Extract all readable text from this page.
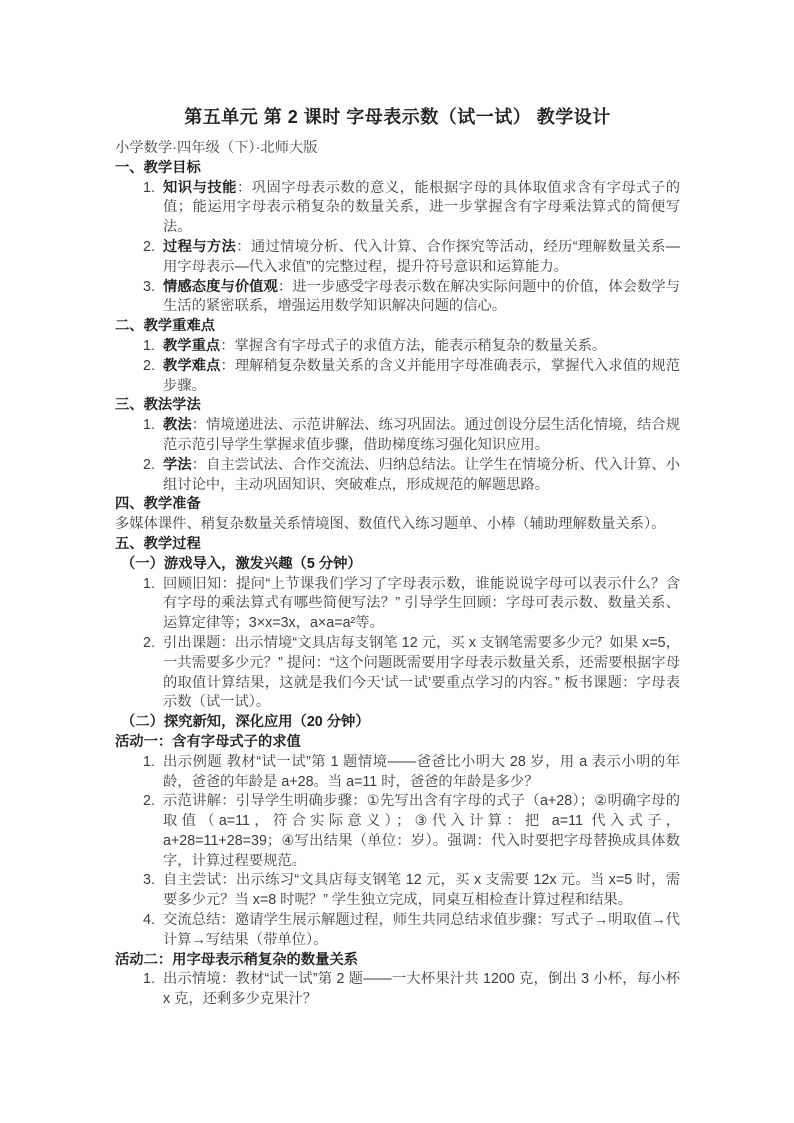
第五单元 第 2 课时 字母表示数（试一试） 教学设计
小学数学·四年级（下）·北师大版
一、教学目标
1. 知识与技能：巩固字母表示数的意义，能根据字母的具体取值求含有字母式子的值；能运用字母表示稍复杂的数量关系，进一步掌握含有字母乘法算式的简便写法。
2. 过程与方法：通过情境分析、代入计算、合作探究等活动，经历“理解数量关系—用字母表示—代入求值”的完整过程，提升符号意识和运算能力。
3. 情感态度与价值观：进一步感受字母表示数在解决实际问题中的价值，体会数学与生活的紧密联系，增强运用数学知识解决问题的信心。
二、教学重难点
1. 教学重点：掌握含有字母式子的求值方法，能表示稍复杂的数量关系。
2. 教学难点：理解稍复杂数量关系的含义并能用字母准确表示，掌握代入求值的规范步骤。
三、教法学法
1. 教法：情境递进法、示范讲解法、练习巩固法。通过创设分层生活化情境，结合规范示范引导学生掌握求值步骤，借助梯度练习强化知识应用。
2. 学法：自主尝试法、合作交流法、归纳总结法。让学生在情境分析、代入计算、小组讨论中，主动巩固知识、突破难点，形成规范的解题思路。
四、教学准备
多媒体课件、稍复杂数量关系情境图、数值代入练习题单、小棒（辅助理解数量关系）。
五、教学过程
（一）游戏导入，激发兴趣（5 分钟）
1. 回顾旧知：提问“上节课我们学习了字母表示数，谁能说说字母可以表示什么？含有字母的乘法算式有哪些简便写法？” 引导学生回顾：字母可表示数、数量关系、运算定律等；3×x=3x，a×a=a²等。
2. 引出课题：出示情境“文具店每支钢笔 12 元，买 x 支钢笔需要多少元？如果 x=5，一共需要多少元？” 提问：“这个问题既需要用字母表示数量关系，还需要根据字母的取值计算结果，这就是我们今天‘试一试’要重点学习的内容。” 板书课题：字母表示数（试一试）。
（二）探究新知，深化应用（20 分钟）
活动一：含有字母式子的求值
1. 出示例题 教材“试一试”第 1 题情境——爸爸比小明大 28 岁，用 a 表示小明的年龄，爸爸的年龄是 a+28。当 a=11 时，爸爸的年龄是多少？
2. 示范讲解：引导学生明确步骤：①先写出含有字母的式子（a+28）；②明确字母的取值（a=11，符合实际意义）；③代入计算：把 a=11 代入式子，a+28=11+28=39；④写出结果（单位：岁）。强调：代入时要把字母替换成具体数字，计算过程要规范。
3. 自主尝试：出示练习“文具店每支钢笔 12 元，买 x 支需要 12x 元。当 x=5 时，需要多少元？当 x=8 时呢？” 学生独立完成，同桌互相检查计算过程和结果。
4. 交流总结：邀请学生展示解题过程，师生共同总结求值步骤：写式子→明取值→代计算→写结果（带单位）。
活动二：用字母表示稍复杂的数量关系
1. 出示情境：教材“试一试”第 2 题——一大杯果汁共 1200 克，倒出 3 小杯，每小杯 x 克，还剩多少克果汁？
